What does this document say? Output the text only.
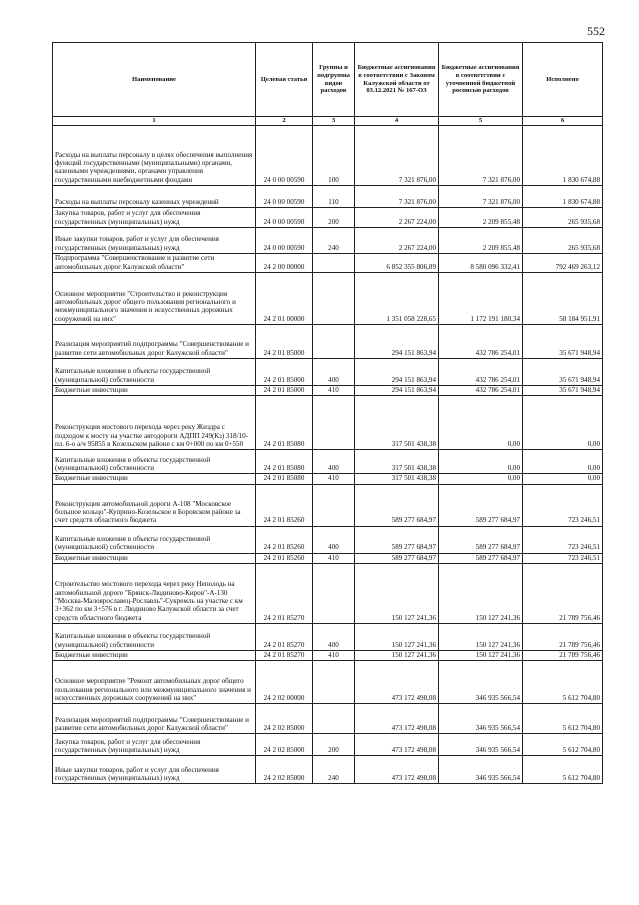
552
Наименование	Целевая статья	Группы и подгруппы видов расходов	Бюджетные ассигнования в соответствии с Законом Калужской области от 03.12.2021 № 167-ОЗ	Бюджетные ассигнования в соответствии с уточненной бюджетной росписью расходов	Исполнено
1	2	3	4	5	6
Расходы на выплаты персоналу в целях обеспечения выполнения функций государственными (муниципальными) органами, казенными учреждениями, органами управления государственными внебюджетными фондами	24 0 00 00590	100	7 321 876,00	7 321 876,00	1 830 674,88
Расходы на выплаты персоналу казенных учреждений	24 0 00 00590	110	7 321 876,00	7 321 876,00	1 830 674,88
Закупка товаров, работ и услуг для обеспечения государственных (муниципальных) нужд	24 0 00 00590	200	2 267 224,00	2 209 855,48	265 935,68
Иные закупки товаров, работ и услуг для обеспечения государственных (муниципальных) нужд	24 0 00 00590	240	2 267 224,00	2 209 855,48	265 935,68
Подпрограмма "Совершенствование и развитие сети автомобильных дорог Калужской области"	24 2 00 00000		6 852 355 806,89	8 580 096 332,41	792 469 263,12
Основное мероприятие "Строительство и реконструкция автомобильных дорог общего пользования регионального и межмуниципального значения и искусственных дорожных сооружений на них"	24 2 01 00000		1 351 058 228,65	1 172 191 180,34	58 184 951,91
Реализация мероприятий подпрограммы "Совершенствование и развитие сети автомобильных дорог Калужской области"	24 2 01 85000		294 151 863,94	432 786 254,01	35 671 948,94
Капитальные вложения в объекты государственной (муниципальной) собственности	24 2 01 85000	400	294 151 863,94	432 786 254,01	35 671 948,94
Бюджетные инвестиции	24 2 01 85000	410	294 151 863,94	432 786 254,01	35 671 948,94
Реконструкция мостового перехода через реку Жиздра с подходом к мосту на участке автодороги АДПП 249(Кз) 318/10-пл. 6-о а/ч 95855 в Козельском районе с км 0+000 по км 0+550	24 2 01 85080		317 501 438,38	0,00	0,00
Капитальные вложения в объекты государственной (муниципальной) собственности	24 2 01 85080	400	317 501 438,38	0,00	0,00
Бюджетные инвестиции	24 2 01 85080	410	317 501 438,38	0,00	0,00
Реконструкция автомобильной дороги А-108 "Московское большое кольцо"-Куприно-Козельское в Боровском районе за счет средств областного бюджета	24 2 01 85260		589 277 684,97	589 277 684,97	723 246,51
Капитальные вложения в объекты государственной (муниципальной) собственности	24 2 01 85260	400	589 277 684,97	589 277 684,97	723 246,51
Бюджетные инвестиции	24 2 01 85260	410	589 277 684,97	589 277 684,97	723 246,51
Строительство мостового перехода через реку Неполодь на автомобильной дороге "Брянск-Людиново-Киров"-А-130 "Москва-Малоярославец-Рославль"-Сукремль на участке с км 3+362 по км 3+576 в г. Людиново Калужской области за счет средств областного бюджета	24 2 01 85270		150 127 241,36	150 127 241,36	21 789 756,46
Капитальные вложения в объекты государственной (муниципальной) собственности	24 2 01 85270	400	150 127 241,36	150 127 241,36	21 789 756,46
Бюджетные инвестиции	24 2 01 85270	410	150 127 241,36	150 127 241,36	21 789 756,46
Основное мероприятие "Ремонт автомобильных дорог общего пользования регионального или межмуниципального значения и искусственных дорожных сооружений на них"	24 2 02 00000		473 172 498,08	346 935 566,54	5 612 704,80
Реализация мероприятий подпрограммы "Совершенствование и развитие сети автомобильных дорог Калужской области"	24 2 02 85000		473 172 498,08	346 935 566,54	5 612 704,80
Закупка товаров, работ и услуг для обеспечения государственных (муниципальных) нужд	24 2 02 85000	200	473 172 498,08	346 935 566,54	5 612 704,80
Иные закупки товаров, работ и услуг для обеспечения государственных (муниципальных) нужд	24 2 02 85000	240	473 172 498,08	346 935 566,54	5 612 704,80
